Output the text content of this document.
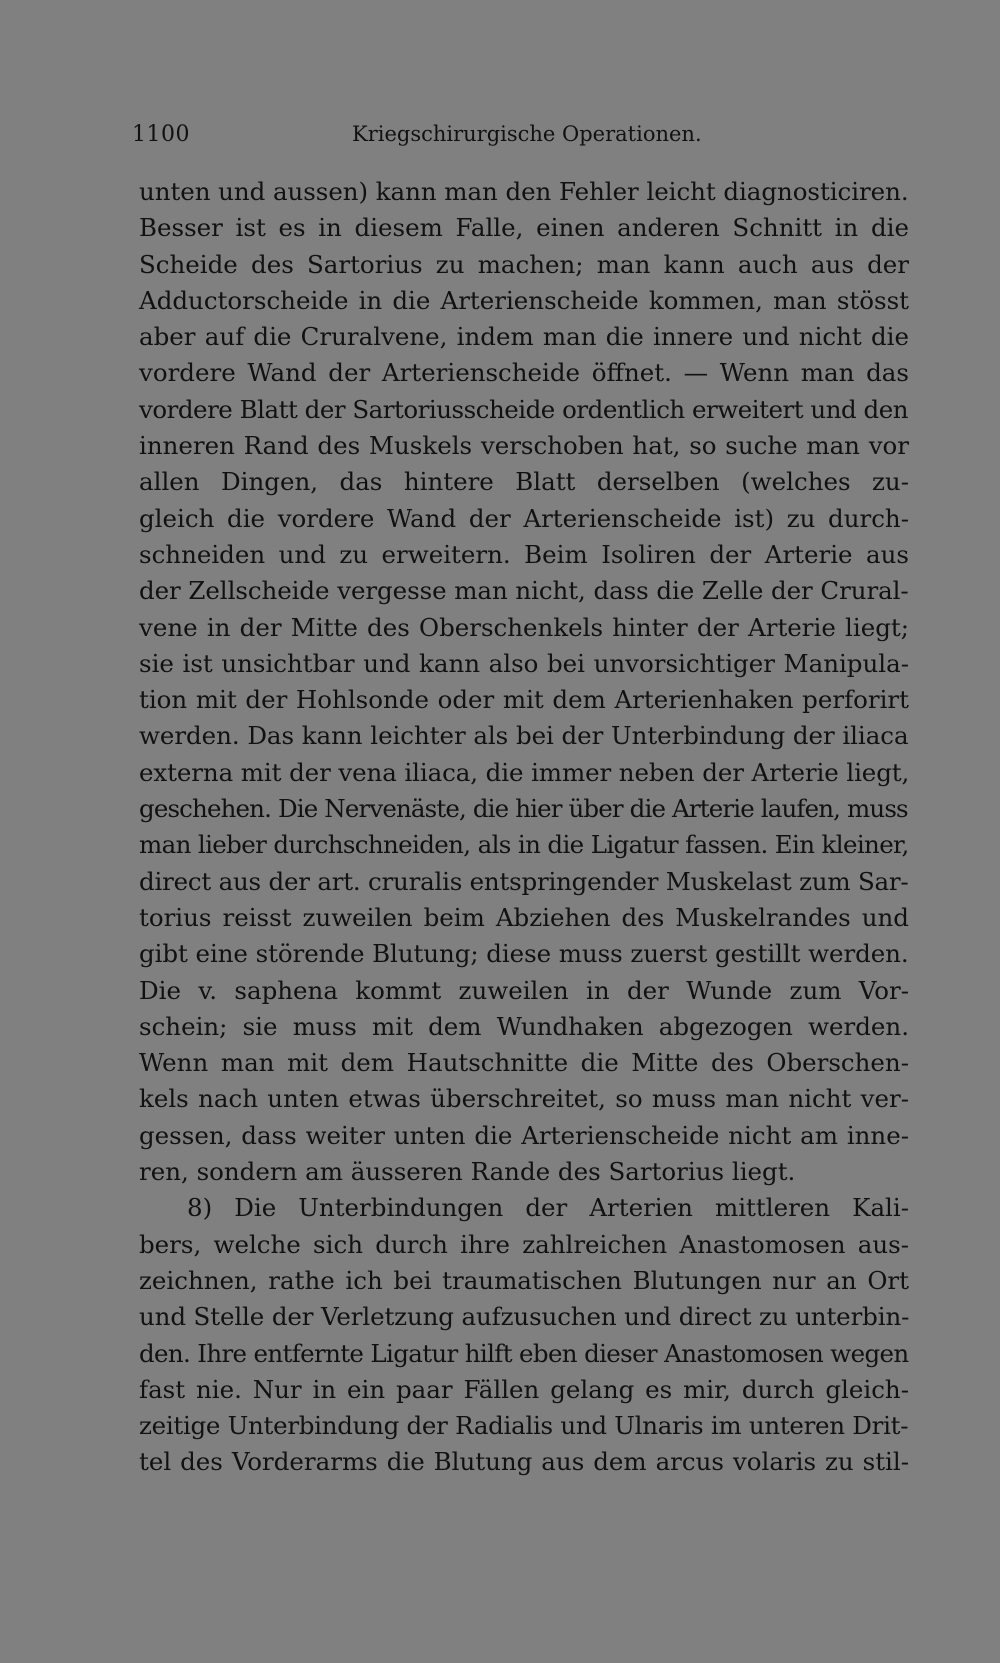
1100	Kriegschirurgische Operationen.
unten und aussen) kann man den Fehler leicht diagnosticiren.
Besser ist es in diesem Falle, einen anderen Schnitt in die
Scheide des Sartorius zu machen; man kann auch aus der
Adductorscheide in die Arterienscheide kommen, man stösst
aber auf die Cruralvene, indem man die innere und nicht die
vordere Wand der Arterienscheide öffnet. — Wenn man das
vordere Blatt der Sartoriusscheide ordentlich erweitert und den
inneren Rand des Muskels verschoben hat, so suche man vor
allen Dingen, das hintere Blatt derselben (welches zu-
gleich die vordere Wand der Arterienscheide ist) zu durch-
schneiden und zu erweitern. Beim Isoliren der Arterie aus
der Zellscheide vergesse man nicht, dass die Zelle der Crural-
vene in der Mitte des Oberschenkels hinter der Arterie liegt;
sie ist unsichtbar und kann also bei unvorsichtiger Manipula-
tion mit der Hohlsonde oder mit dem Arterienhaken perforirt
werden. Das kann leichter als bei der Unterbindung der iliaca
externa mit der vena iliaca, die immer neben der Arterie liegt,
geschehen. Die Nervenäste, die hier über die Arterie laufen, muss
man lieber durchschneiden, als in die Ligatur fassen. Ein kleiner,
direct aus der art. cruralis entspringender Muskelast zum Sar-
torius reisst zuweilen beim Abziehen des Muskelrandes und
gibt eine störende Blutung; diese muss zuerst gestillt werden.
Die v. saphena kommt zuweilen in der Wunde zum Vor-
schein; sie muss mit dem Wundhaken abgezogen werden.
Wenn man mit dem Hautschnitte die Mitte des Oberschen-
kels nach unten etwas überschreitet, so muss man nicht ver-
gessen, dass weiter unten die Arterienscheide nicht am inne-
ren, sondern am äusseren Rande des Sartorius liegt.
8) Die Unterbindungen der Arterien mittleren Kali-
bers, welche sich durch ihre zahlreichen Anastomosen aus-
zeichnen, rathe ich bei traumatischen Blutungen nur an Ort
und Stelle der Verletzung aufzusuchen und direct zu unterbin-
den. Ihre entfernte Ligatur hilft eben dieser Anastomosen wegen
fast nie. Nur in ein paar Fällen gelang es mir, durch gleich-
zeitige Unterbindung der Radialis und Ulnaris im unteren Drit-
tel des Vorderarms die Blutung aus dem arcus volaris zu stil-
